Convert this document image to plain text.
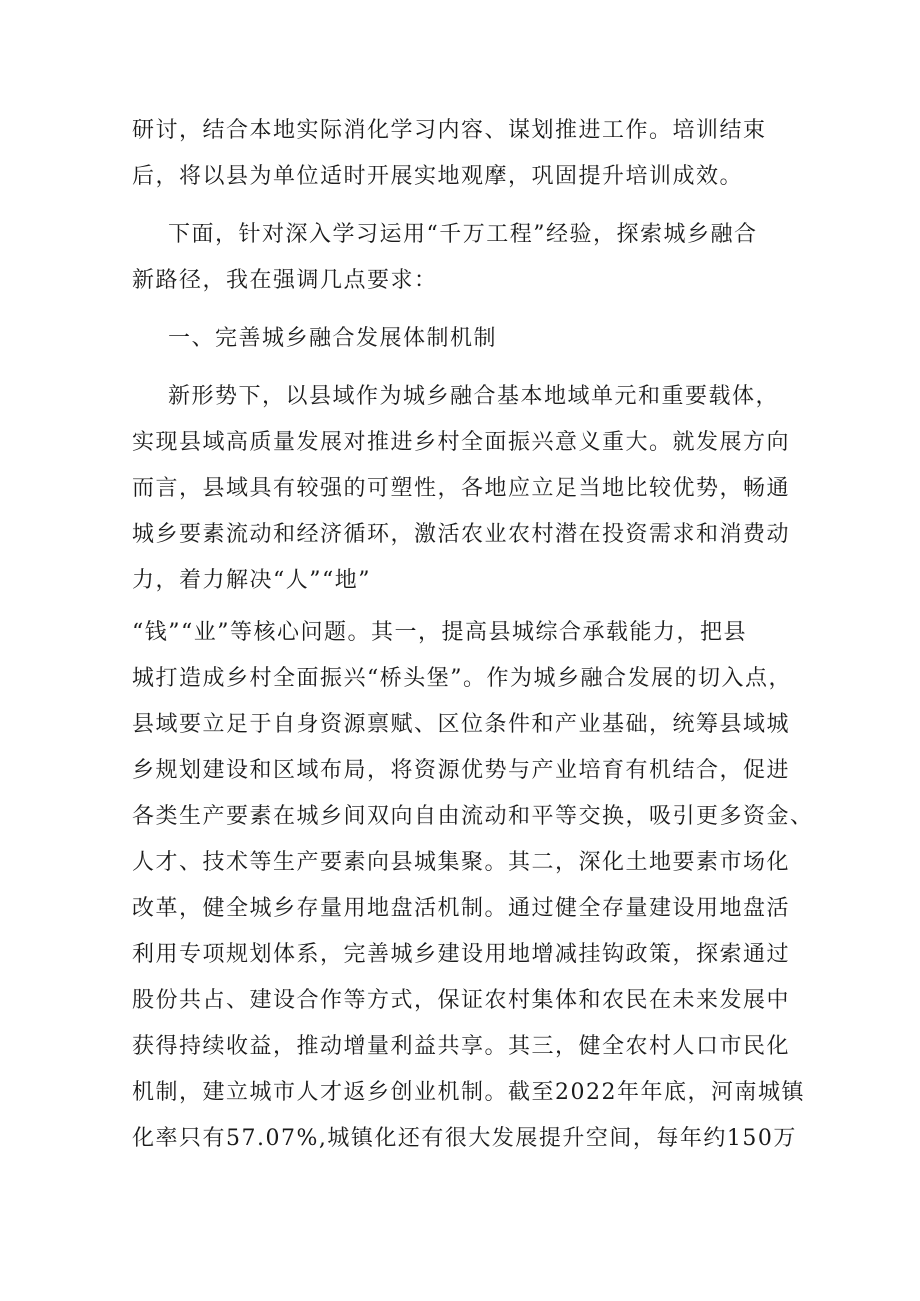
研讨，结合本地实际消化学习内容、谋划推进工作。培训结束
后，将以县为单位适时开展实地观摩，巩固提升培训成效。
下面，针对深入学习运用“千万工程”经验，探索城乡融合
新路径，我在强调几点要求：
一、完善城乡融合发展体制机制
新形势下，以县域作为城乡融合基本地域单元和重要载体，
实现县域高质量发展对推进乡村全面振兴意义重大。就发展方向
而言，县域具有较强的可塑性，各地应立足当地比较优势，畅通
城乡要素流动和经济循环，激活农业农村潜在投资需求和消费动
力，着力解决“人”“地”
“钱”“业”等核心问题。其一，提高县城综合承载能力，把县
城打造成乡村全面振兴“桥头堡”。作为城乡融合发展的切入点，
县域要立足于自身资源禀赋、区位条件和产业基础，统筹县域城
乡规划建设和区域布局，将资源优势与产业培育有机结合，促进
各类生产要素在城乡间双向自由流动和平等交换，吸引更多资金、
人才、技术等生产要素向县城集聚。其二，深化土地要素市场化
改革，健全城乡存量用地盘活机制。通过健全存量建设用地盘活
利用专项规划体系，完善城乡建设用地增减挂钩政策，探索通过
股份共占、建设合作等方式，保证农村集体和农民在未来发展中
获得持续收益，推动增量利益共享。其三，健全农村人口市民化
机制，建立城市人才返乡创业机制。截至2022年年底，河南城镇
化率只有57.07%,城镇化还有很大发展提升空间，每年约150万
